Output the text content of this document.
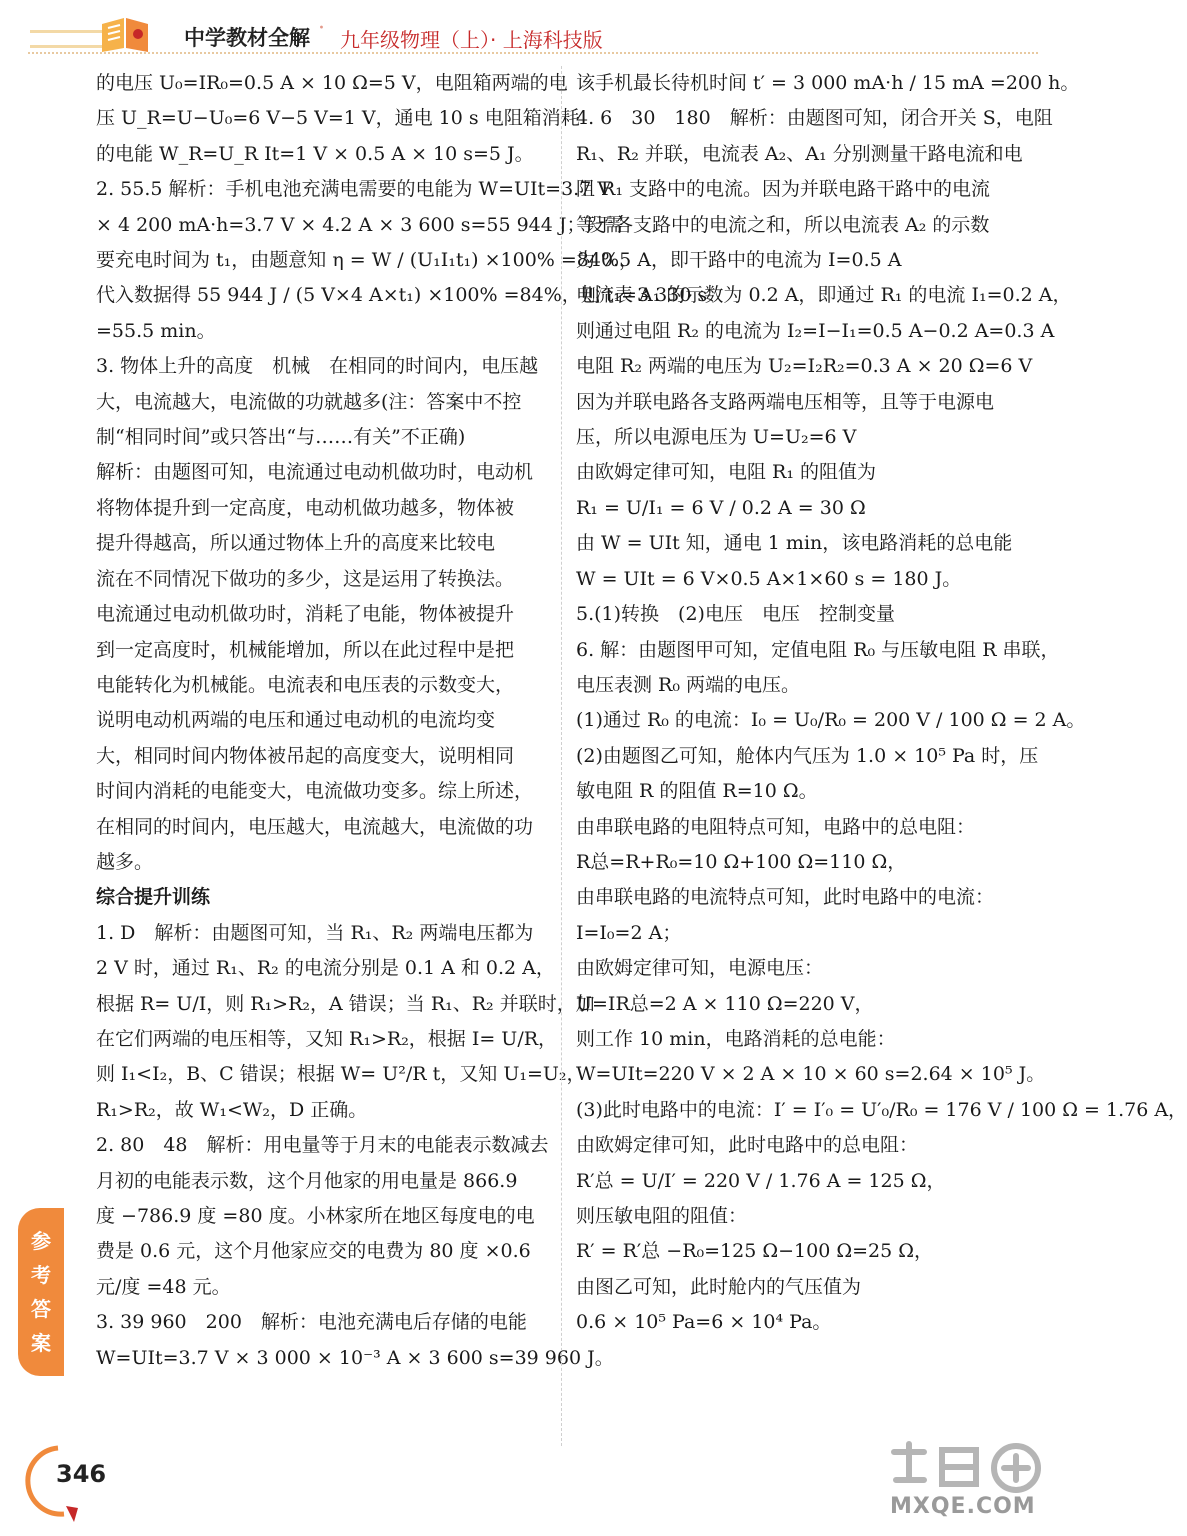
中学教材全解 · 九年级物理（上）· 上海科技版
的电压 U₀=IR₀=0.5 A × 10 Ω=5 V，电阻箱两端的电
压 U_R=U−U₀=6 V−5 V=1 V，通电 10 s 电阻箱消耗
的电能 W_R=U_R It=1 V × 0.5 A × 10 s=5 J。
2. 55.5 解析：手机电池充满电需要的电能为 W=UIt=3.7 V
× 4 200 mA·h=3.7 V × 4.2 A × 3 600 s=55 944 J；设需
要充电时间为 t₁，由题意知 η = W / (U₁I₁t₁) ×100% =84%，
代入数据得 55 944 J / (5 V×4 A×t₁) ×100% =84%，则 t₁=3 330 s
=55.5 min。
3. 物体上升的高度　机械　在相同的时间内，电压越
大，电流越大，电流做的功就越多(注：答案中不控
制“相同时间”或只答出“与……有关”不正确)
解析：由题图可知，电流通过电动机做功时，电动机
将物体提升到一定高度，电动机做功越多，物体被
提升得越高，所以通过物体上升的高度来比较电
流在不同情况下做功的多少，这是运用了转换法。
电流通过电动机做功时，消耗了电能，物体被提升
到一定高度时，机械能增加，所以在此过程中是把
电能转化为机械能。电流表和电压表的示数变大，
说明电动机两端的电压和通过电动机的电流均变
大，相同时间内物体被吊起的高度变大，说明相同
时间内消耗的电能变大，电流做功变多。综上所述，
在相同的时间内，电压越大，电流越大，电流做的功
越多。
综合提升训练
1. D　解析：由题图可知，当 R₁、R₂ 两端电压都为
2 V 时，通过 R₁、R₂ 的电流分别是 0.1 A 和 0.2 A，
根据 R= U/I，则 R₁>R₂，A 错误；当 R₁、R₂ 并联时，加
在它们两端的电压相等，又知 R₁>R₂，根据 I= U/R，
则 I₁<I₂，B、C 错误；根据 W= U²/R t，又知 U₁=U₂，
R₁>R₂，故 W₁<W₂，D 正确。
2. 80　48　解析：用电量等于月末的电能表示数减去
月初的电能表示数，这个月他家的用电量是 866.9
度 −786.9 度 =80 度。小林家所在地区每度电的电
费是 0.6 元，这个月他家应交的电费为 80 度 ×0.6
元/度 =48 元。
3. 39 960　200　解析：电池充满电后存储的电能
W=UIt=3.7 V × 3 000 × 10⁻³ A × 3 600 s=39 960 J。
该手机最长待机时间 t′ = 3 000 mA·h / 15 mA =200 h。
4. 6　30　180　解析：由题图可知，闭合开关 S，电阻
R₁、R₂ 并联，电流表 A₂、A₁ 分别测量干路电流和电
阻 R₁ 支路中的电流。因为并联电路干路中的电流
等于各支路中的电流之和，所以电流表 A₂ 的示数
为 0.5 A，即干路中的电流为 I=0.5 A
电流表 A₁ 的示数为 0.2 A，即通过 R₁ 的电流 I₁=0.2 A，
则通过电阻 R₂ 的电流为 I₂=I−I₁=0.5 A−0.2 A=0.3 A
电阻 R₂ 两端的电压为 U₂=I₂R₂=0.3 A × 20 Ω=6 V
因为并联电路各支路两端电压相等，且等于电源电
压，所以电源电压为 U=U₂=6 V
由欧姆定律可知，电阻 R₁ 的阻值为
R₁ = U/I₁ = 6 V / 0.2 A = 30 Ω
由 W = UIt 知，通电 1 min，该电路消耗的总电能
W = UIt = 6 V×0.5 A×1×60 s = 180 J。
5.(1)转换　(2)电压　电压　控制变量
6. 解：由题图甲可知，定值电阻 R₀ 与压敏电阻 R 串联，
电压表测 R₀ 两端的电压。
(1)通过 R₀ 的电流：I₀ = U₀/R₀ = 200 V / 100 Ω = 2 A。
(2)由题图乙可知，舱体内气压为 1.0 × 10⁵ Pa 时，压
敏电阻 R 的阻值 R=10 Ω。
由串联电路的电阻特点可知，电路中的总电阻：
R总=R+R₀=10 Ω+100 Ω=110 Ω，
由串联电路的电流特点可知，此时电路中的电流：
I=I₀=2 A；
由欧姆定律可知，电源电压：
U=IR总=2 A × 110 Ω=220 V，
则工作 10 min，电路消耗的总电能：
W=UIt=220 V × 2 A × 10 × 60 s=2.64 × 10⁵ J。
(3)此时电路中的电流：I′ = I′₀ = U′₀/R₀ = 176 V / 100 Ω = 1.76 A，
由欧姆定律可知，此时电路中的总电阻：
R′总 = U/I′ = 220 V / 1.76 A = 125 Ω，
则压敏电阻的阻值：
R′ = R′总 −R₀=125 Ω−100 Ω=25 Ω，
由图乙可知，此时舱内的气压值为
0.6 × 10⁵ Pa=6 × 10⁴ Pa。
参考答案
346
MXQE.COM
